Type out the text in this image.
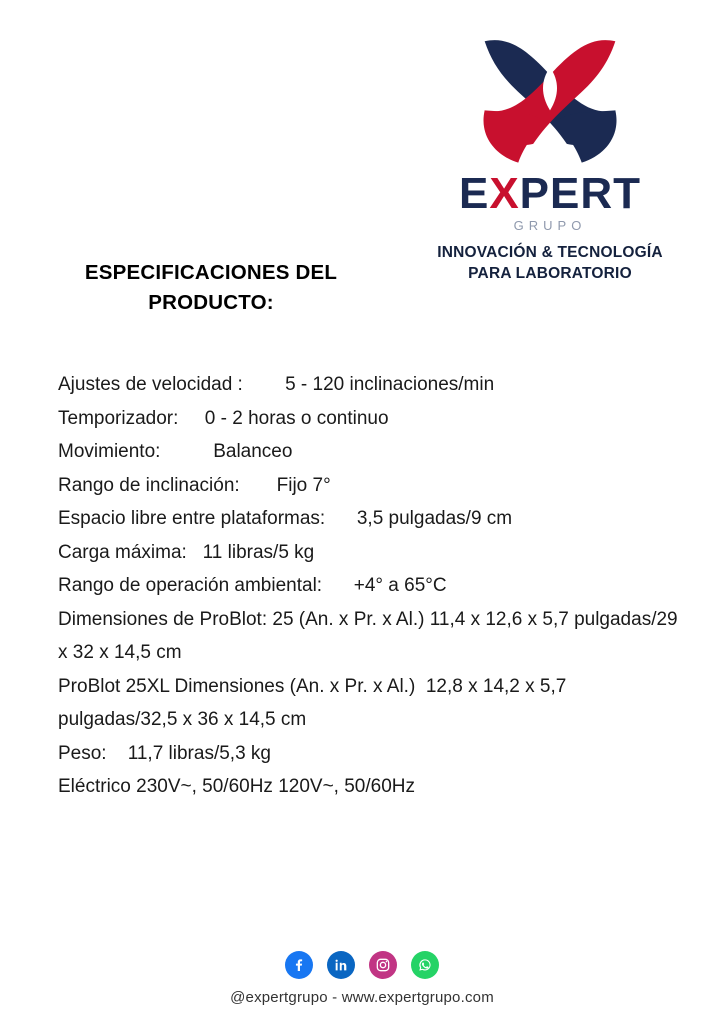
EXPERT
GRUPO
INNOVACIÓN & TECNOLOGÍA
PARA LABORATORIO
ESPECIFICACIONES DEL
PRODUCTO:
Ajustes de velocidad :        5 - 120 inclinaciones/min
Temporizador:     0 - 2 horas o continuo
Movimiento:          Balanceo
Rango de inclinación:       Fijo 7°
Espacio libre entre plataformas:      3,5 pulgadas/9 cm
Carga máxima:   11 libras/5 kg
Rango de operación ambiental:      +4° a 65°C
Dimensiones de ProBlot: 25 (An. x Pr. x Al.) 11,4 x 12,6 x 5,7 pulgadas/29 x 32 x 14,5 cm
ProBlot 25XL Dimensiones (An. x Pr. x Al.)  12,8 x 14,2 x 5,7 pulgadas/32,5 x 36 x 14,5 cm
Peso:    11,7 libras/5,3 kg
Eléctrico 230V~, 50/60Hz 120V~, 50/60Hz
@expertgrupo - www.expertgrupo.com
